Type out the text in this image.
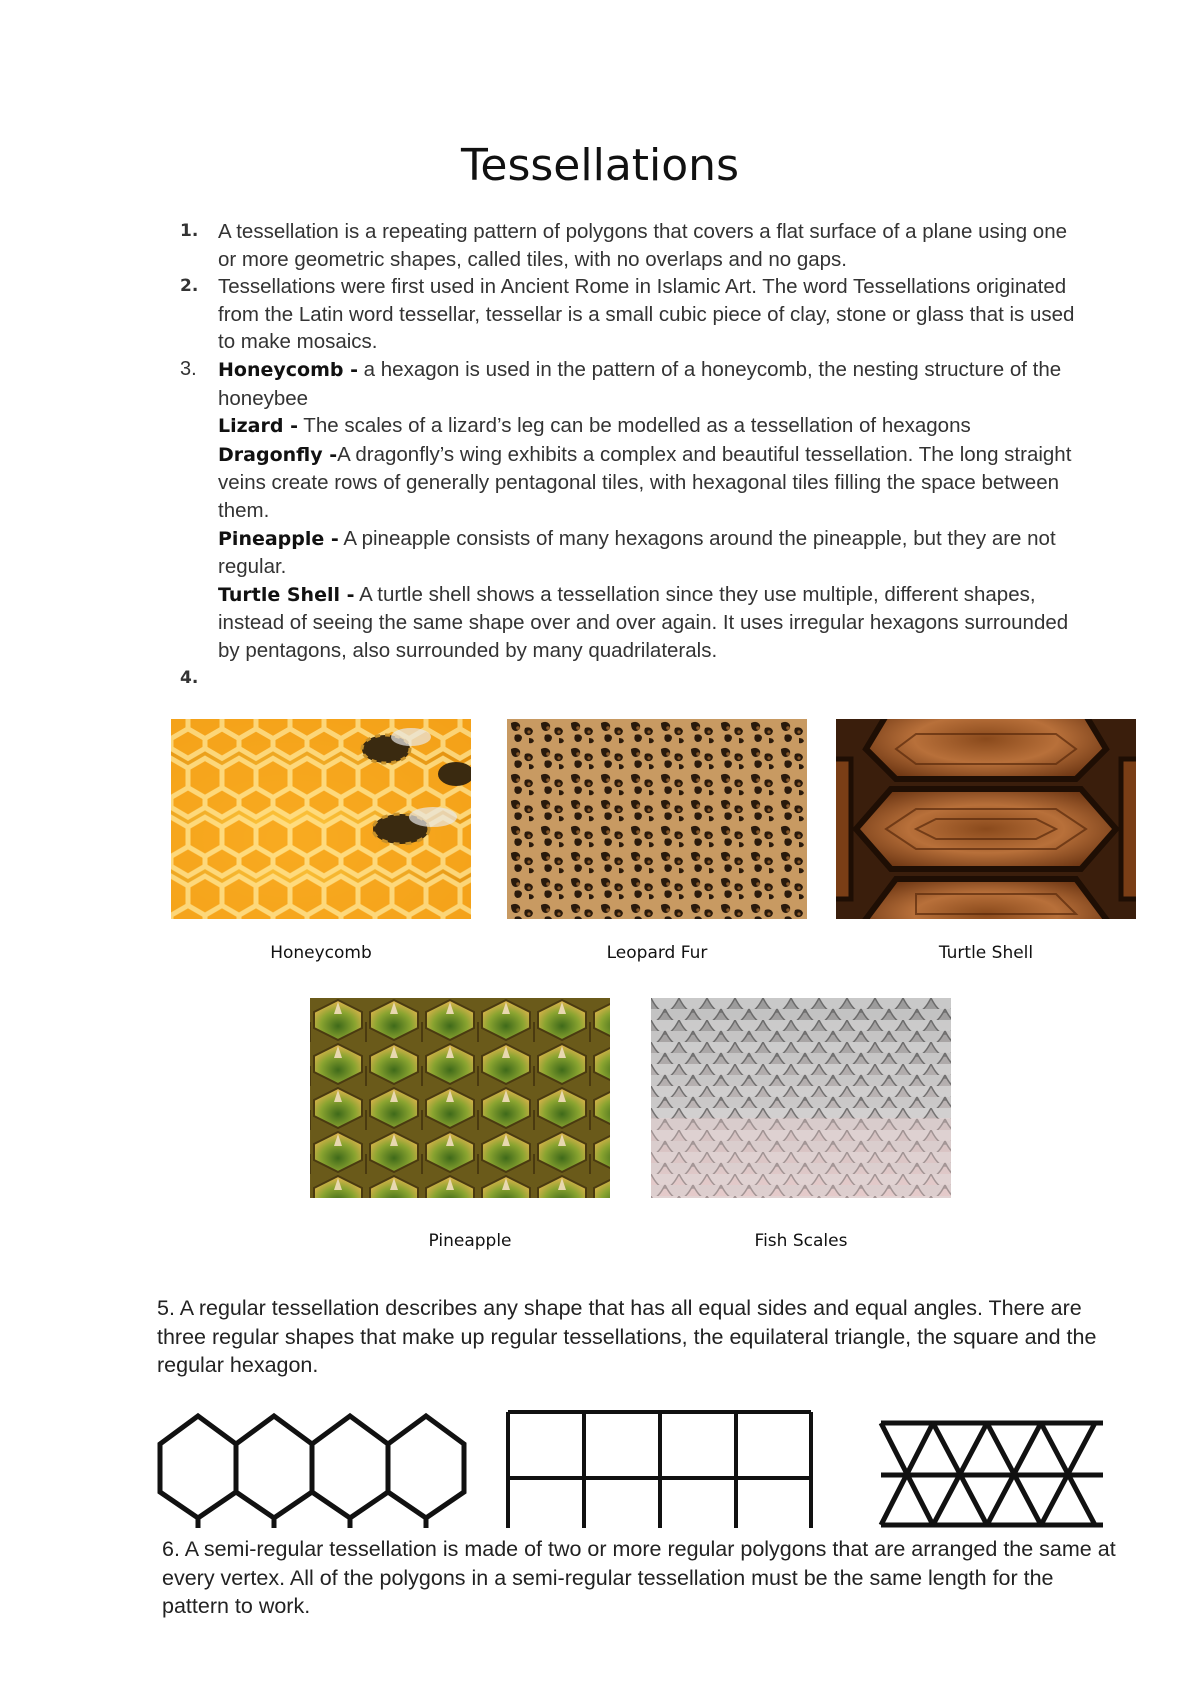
Tessellations
1. A tessellation is a repeating pattern of polygons that covers a flat surface of a plane using one or more geometric shapes, called tiles, with no overlaps and no gaps.
2. Tessellations were first used in Ancient Rome in Islamic Art. The word Tessellations originated from the Latin word tessellar, tessellar is a small cubic piece of clay, stone or glass that is used to make mosaics.
3. Honeycomb - a hexagon is used in the pattern of a honeycomb, the nesting structure of the honeybee
Lizard - The scales of a lizard’s leg can be modelled as a tessellation of hexagons
Dragonfly -A dragonfly’s wing exhibits a complex and beautiful tessellation. The long straight veins create rows of generally pentagonal tiles, with hexagonal tiles filling the space between them.
Pineapple - A pineapple consists of many hexagons around the pineapple, but they are not regular.
Turtle Shell - A turtle shell shows a tessellation since they use multiple, different shapes, instead of seeing the same shape over and over again. It uses irregular hexagons surrounded by pentagons, also surrounded by many quadrilaterals.
4.
Honeycomb	Leopard Fur	Turtle Shell
Pineapple	Fish Scales
5. A regular tessellation describes any shape that has all equal sides and equal angles. There are three regular shapes that make up regular tessellations, the equilateral triangle, the square and the regular hexagon.
6. A semi-regular tessellation is made of two or more regular polygons that are arranged the same at every vertex. All of the polygons in a semi-regular tessellation must be the same length for the pattern to work.
